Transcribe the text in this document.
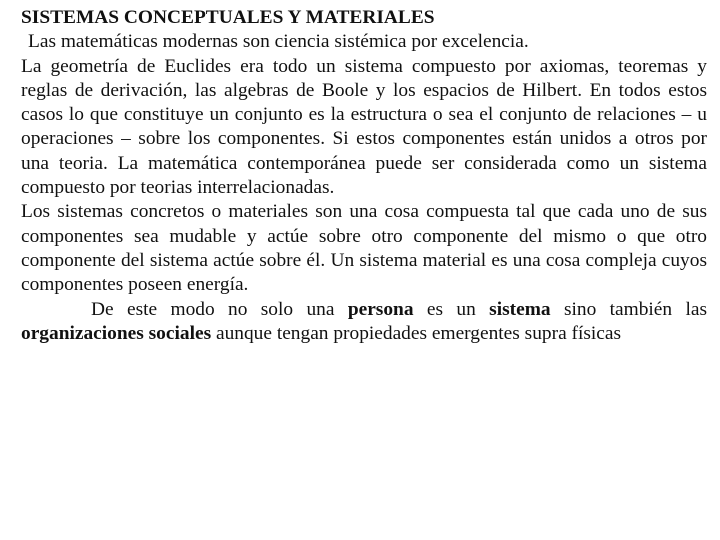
SISTEMAS CONCEPTUALES Y MATERIALES

Las matemáticas modernas son ciencia sistémica por excelencia.

La geometría de Euclides era todo un sistema compuesto por axiomas, teoremas y reglas de derivación, las algebras de Boole y los espacios de Hilbert. En todos estos casos lo que constituye un conjunto es la estructura o sea el conjunto de relaciones – u operaciones – sobre los componentes. Si estos componentes están unidos a otros por una teoria. La matemática contemporánea puede ser considerada como un sistema compuesto por teorias interrelacionadas.

Los sistemas concretos o materiales son una cosa compuesta tal que cada uno de sus componentes sea mudable y actúe sobre otro componente del mismo o que otro componente del sistema actúe sobre él. Un sistema material es una cosa compleja cuyos componentes poseen energía.

De este modo no solo una persona es un sistema sino también las organizaciones sociales aunque tengan propiedades emergentes supra físicas
